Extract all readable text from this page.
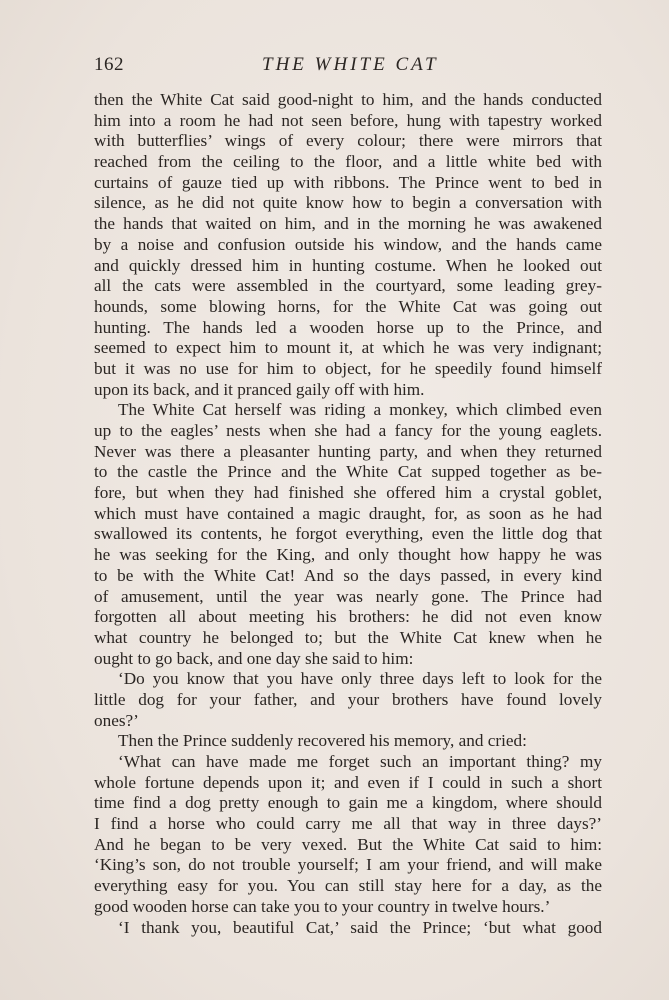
162	THE WHITE CAT
then the White Cat said good-night to him, and the hands conducted
him into a room he had not seen before, hung with tapestry worked
with butterflies’ wings of every colour; there were mirrors that
reached from the ceiling to the floor, and a little white bed with
curtains of gauze tied up with ribbons. The Prince went to bed in
silence, as he did not quite know how to begin a conversation with
the hands that waited on him, and in the morning he was awakened
by a noise and confusion outside his window, and the hands came
and quickly dressed him in hunting costume. When he looked out
all the cats were assembled in the courtyard, some leading grey-
hounds, some blowing horns, for the White Cat was going out
hunting. The hands led a wooden horse up to the Prince, and
seemed to expect him to mount it, at which he was very indignant;
but it was no use for him to object, for he speedily found himself
upon its back, and it pranced gaily off with him.
The White Cat herself was riding a monkey, which climbed even
up to the eagles’ nests when she had a fancy for the young eaglets.
Never was there a pleasanter hunting party, and when they returned
to the castle the Prince and the White Cat supped together as be-
fore, but when they had finished she offered him a crystal goblet,
which must have contained a magic draught, for, as soon as he had
swallowed its contents, he forgot everything, even the little dog that
he was seeking for the King, and only thought how happy he was
to be with the White Cat! And so the days passed, in every kind
of amusement, until the year was nearly gone. The Prince had
forgotten all about meeting his brothers: he did not even know
what country he belonged to; but the White Cat knew when he
ought to go back, and one day she said to him:
‘Do you know that you have only three days left to look for the
little dog for your father, and your brothers have found lovely
ones?’
Then the Prince suddenly recovered his memory, and cried:
‘What can have made me forget such an important thing? my
whole fortune depends upon it; and even if I could in such a short
time find a dog pretty enough to gain me a kingdom, where should
I find a horse who could carry me all that way in three days?’
And he began to be very vexed. But the White Cat said to him:
‘King’s son, do not trouble yourself; I am your friend, and will make
everything easy for you. You can still stay here for a day, as the
good wooden horse can take you to your country in twelve hours.’
‘I thank you, beautiful Cat,’ said the Prince; ‘but what good
